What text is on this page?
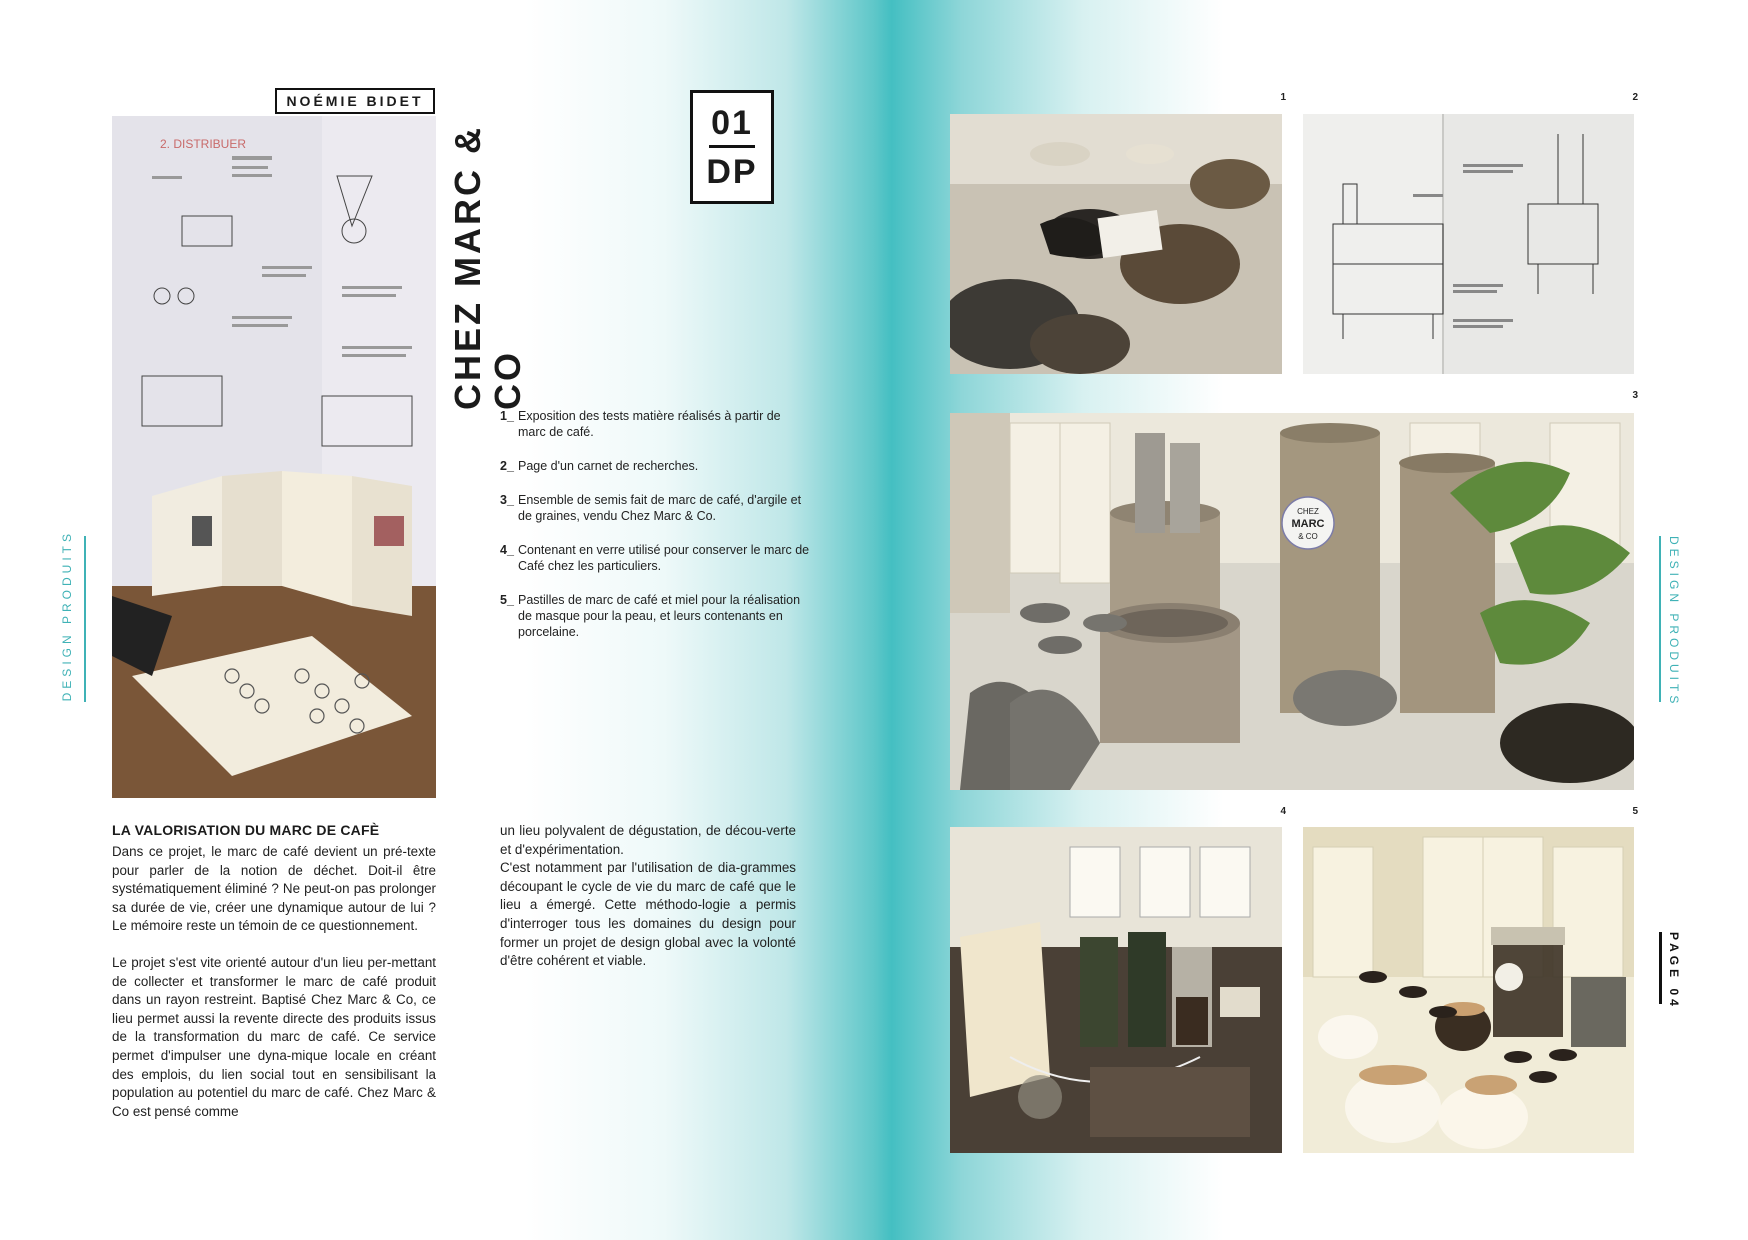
NOÉMIE BIDET
CHEZ MARC & CO
01
DP
2. DISTRIBUER
1_ Exposition des tests matière réalisés à partir de marc de café.
2_ Page d'un carnet de recherches.
3_ Ensemble de semis fait de marc de café, d'argile et de graines, vendu Chez Marc & Co.
4_ Contenant en verre utilisé pour conserver le marc de Café chez les particuliers.
5_ Pastilles de marc de café et miel pour la réalisation de masque pour la peau, et leurs contenants en porcelaine.
LA VALORISATION DU MARC DE CAFÈ

Dans ce projet, le marc de café devient un pré-texte pour parler de la notion de déchet. Doit-il être systématiquement éliminé ? Ne peut-on pas prolonger sa durée de vie, créer une dynamique autour de lui ? Le mémoire reste un témoin de ce questionnement.

Le projet s'est vite orienté autour d'un lieu per-mettant de collecter et transformer le marc de café produit dans un rayon restreint. Baptisé Chez Marc & Co, ce lieu permet aussi la revente directe des produits issus de la transformation du marc de café. Ce service permet d'impulser une dyna-mique locale en créant des emplois, du lien social tout en sensibilisant la population au potentiel du marc de café. Chez Marc & Co est pensé comme

un lieu polyvalent de dégustation, de décou-verte et d'expérimentation.

C'est notamment par l'utilisation de dia-grammes découpant le cycle de vie du marc de café que le lieu a émergé. Cette méthodo-logie a permis d'interroger tous les domaines du design pour former un projet de design global avec la volonté d'être cohérent et viable.

DESIGN PRODUITS
1	2
3
CHEZ
MARC
& CO
4	5
DESIGN PRODUITS
PAGE 04
